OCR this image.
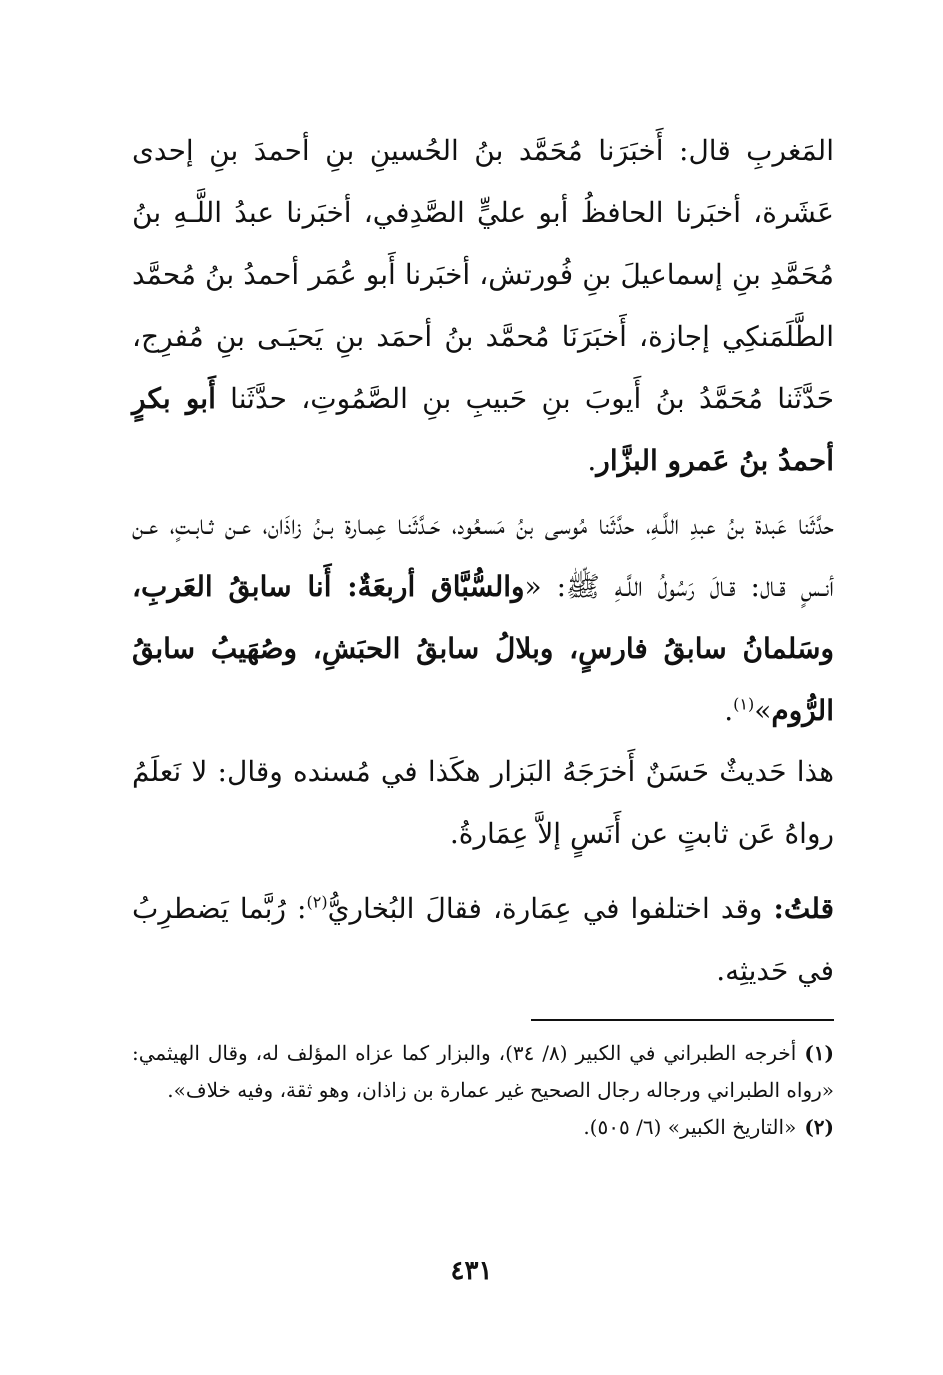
المَغربِ قال: أَخبَرَنا مُحَمَّد بنُ الحُسينِ بنِ أحمدَ بنِ إحدى عَشَرة، أخبَرنا الحافظُ أبو عليٍّ الصَّدِفي، أخبَرنا عبدُ اللَّـهِ بنُ مُحَمَّدِ بنِ إسماعيلَ بنِ فُورتش، أخبَرنا أَبو عُمَر أحمدُ بنُ مُحمَّد الطَّلَمَنكِي إجازة، أَخبَرَنَا مُحمَّد بنُ أحمَد بنِ يَحيَـى بنِ مُفرِج، حَدَّثَنا مُحَمَّدُ بنُ أَيوبَ بنِ حَبيبِ بنِ الصَّمُوتِ، حدَّثَنا أَبو بكرٍ أحمدُ بنُ عَمرو البزَّار.

حدَّثَنا عَبدة بنُ عبدِ اللَّـهِ، حدَّثَنا مُوسى بنُ مَسعُود، حَـدَّثَنـا عِمـارة بـنُ زاذَان، عـن ثـابـتٍ، عـن أنـسٍ قـال: قـالَ رَسُولُ اللَّـهِ ﷺ: «والسُّبَّاق أربعَةٌ: أَنا سابقُ العَربِ، وسَلمانُ سابقُ فارسٍ، وبلالُ سابقُ الحبَشِ، وصُهَيبُ سابقُ الرُّوم»$^{(١)}$.

هذا حَديثٌ حَسَنٌ أَخرَجَهُ البَزار هكَذا في مُسنده وقال: لا نَعلَمُ رواهُ عَن ثابتٍ عن أَنَسٍ إلاَّ عِمَارةُ.

قلتُ: وقد اختلفوا في عِمَارة، فقالَ البُخاريُّ$^{(٢)}$: رُبَّما يَضطرِبُ في حَديثِه.

(١)أخرجه الطبراني في الكبير (٨/ ٣٤)، والبزار كما عزاه المؤلف له، وقال الهيثمي: «رواه الطبراني ورجاله رجال الصحيح غير عمارة بن زاذان، وهو ثقة، وفيه خلاف».

(٢)«التاريخ الكبير» (٦/ ٥٠٥).

٤٣١
